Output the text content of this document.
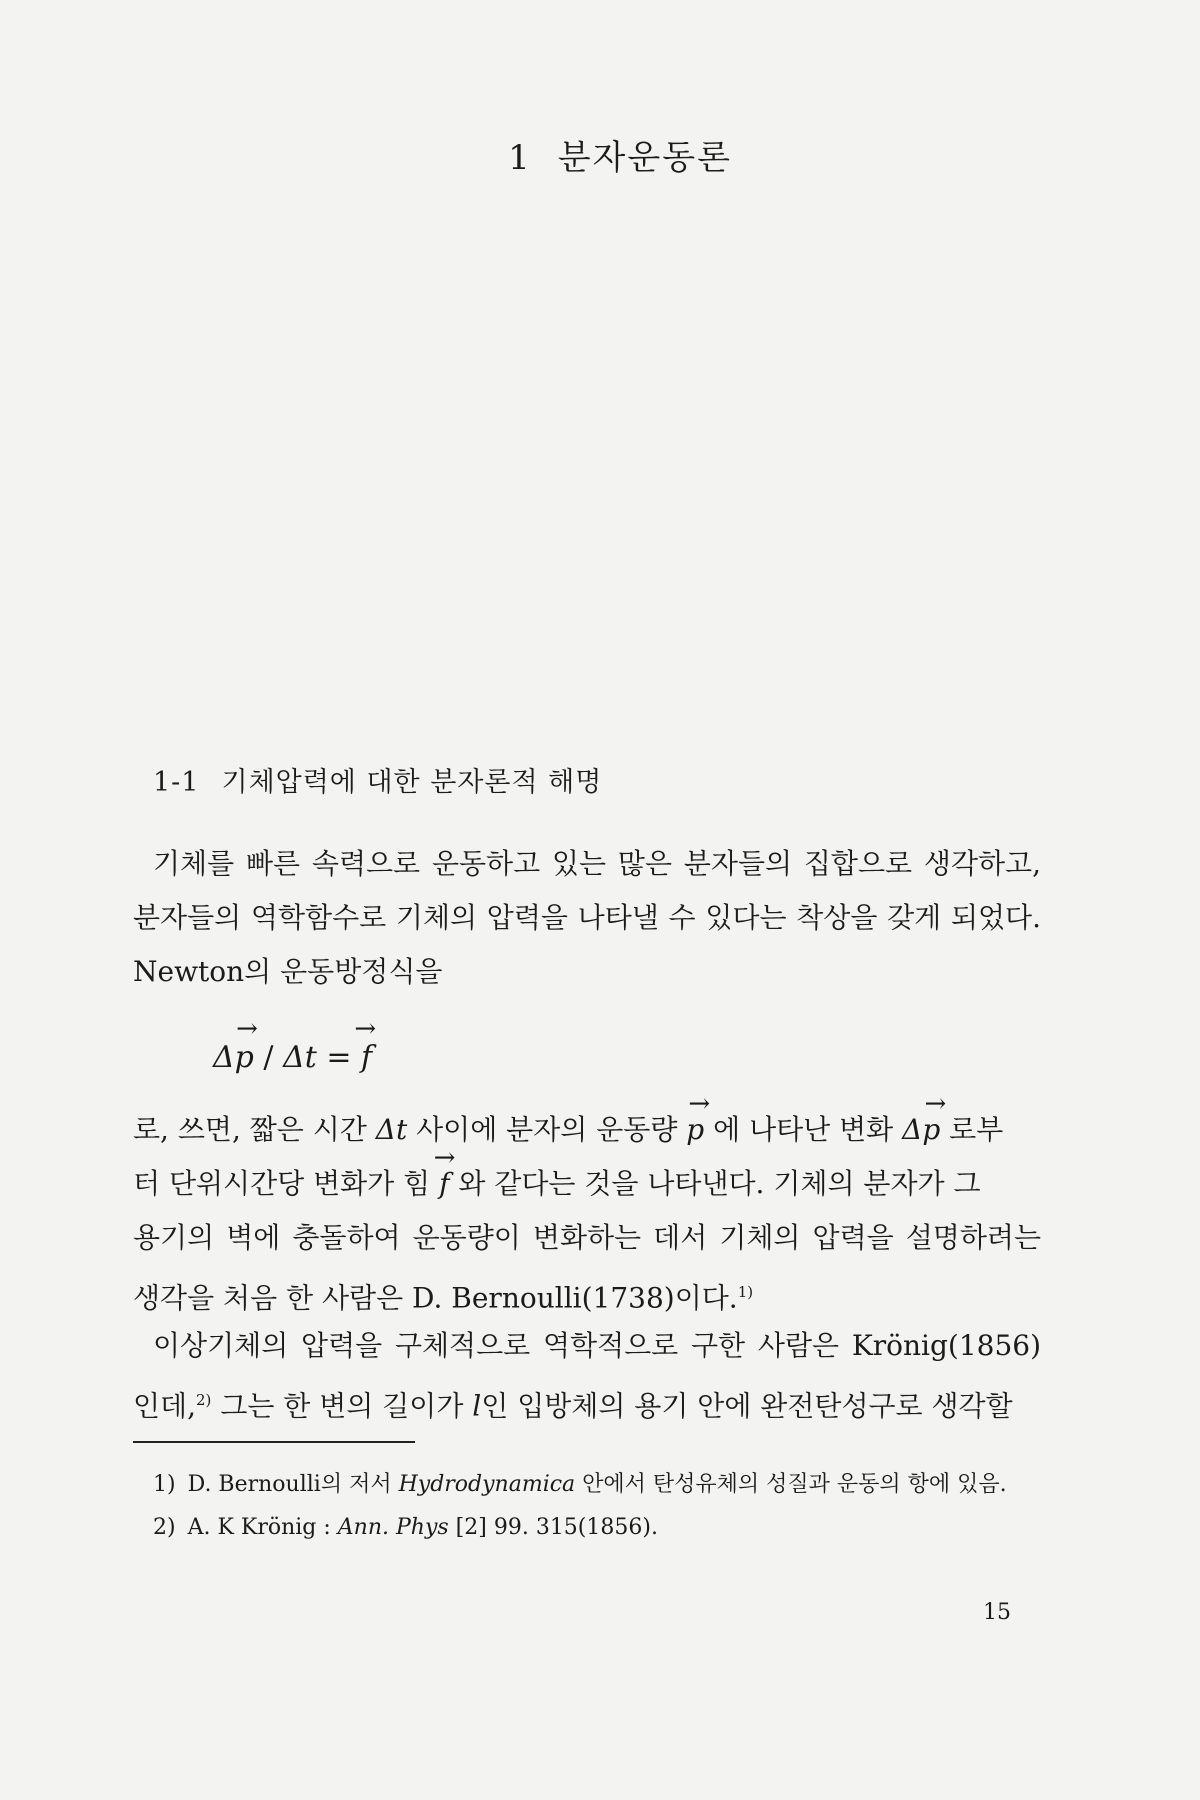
1 분자운동론
1-1 기체압력에 대한 분자론적 해명
기체를 빠른 속력으로 운동하고 있는 많은 분자들의 집합으로 생각하고,
분자들의 역학함수로 기체의 압력을 나타낼 수 있다는 착상을 갖게 되었다.
Newton의 운동방정식을
→ Δp / Δt = → f
로, 쓰면, 짧은 시간 Δt 사이에 분자의 운동량 → p 에 나타난 변화 → Δp 로부
터 단위시간당 변화가 힘 → f 와 같다는 것을 나타낸다. 기체의 분자가 그
용기의 벽에 충돌하여 운동량이 변화하는 데서 기체의 압력을 설명하려는
생각을 처음 한 사람은 D. Bernoulli(1738)이다.$^{1)}$
이상기체의 압력을 구체적으로 역학적으로 구한 사람은 Krönig(1856)
인데,$^{2)}$ 그는 한 변의 길이가 l인 입방체의 용기 안에 완전탄성구로 생각할
1) D. Bernoulli의 저서 Hydrodynamica 안에서 탄성유체의 성질과 운동의 항에 있음.
2) A. K Krönig : Ann. Phys [2] 99. 315(1856).
15
